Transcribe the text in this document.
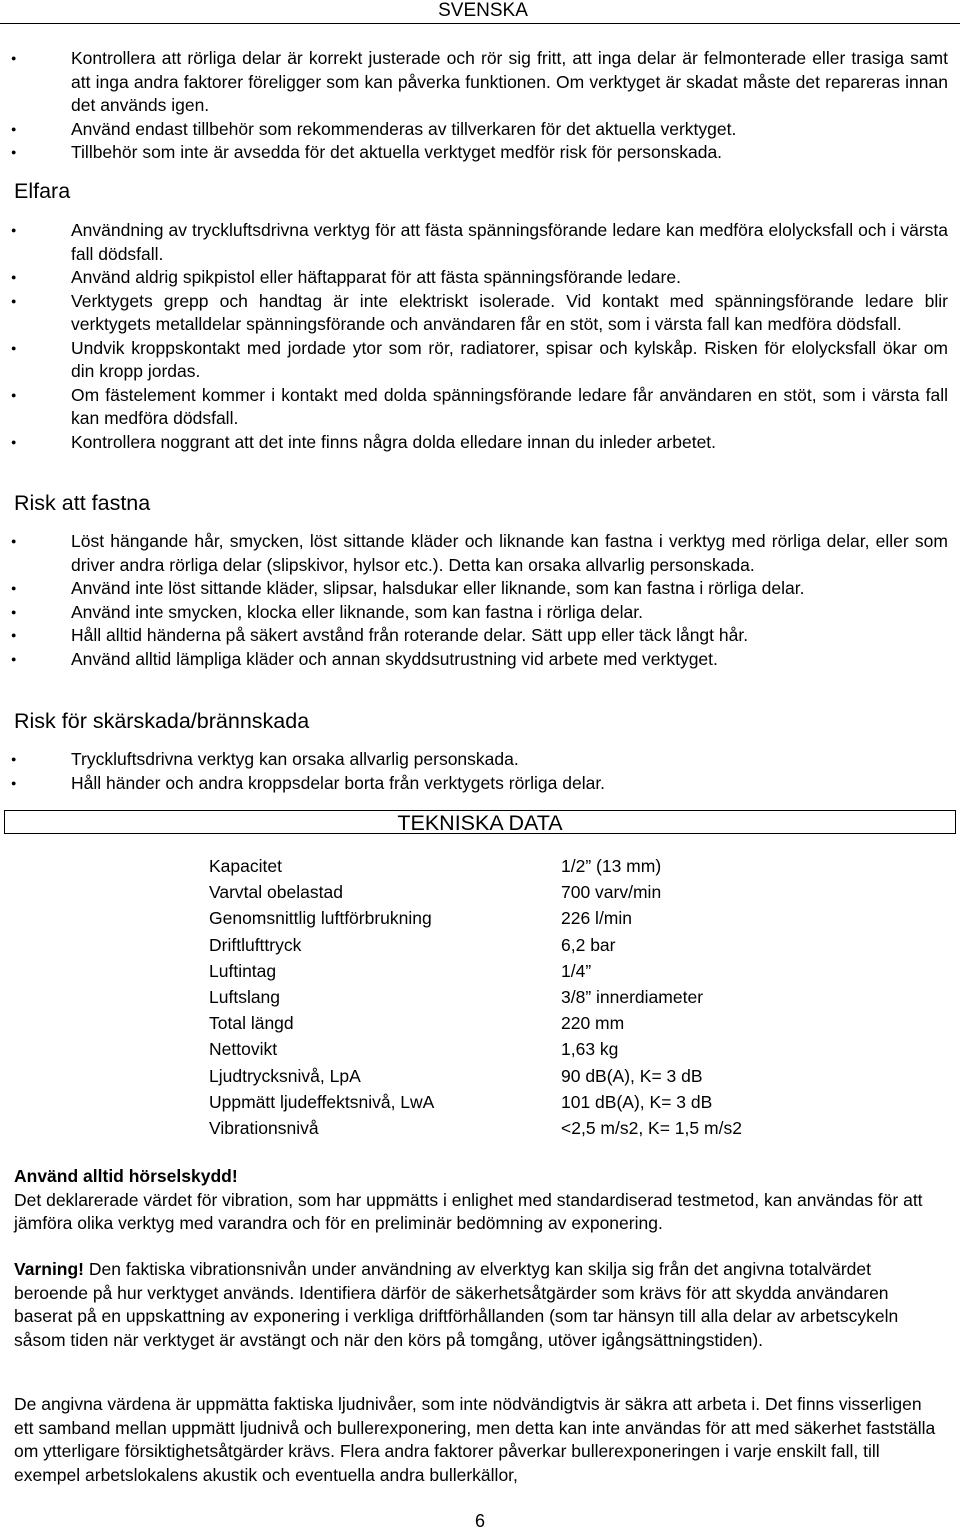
SVENSKA
● Kontrollera att rörliga delar är korrekt justerade och rör sig fritt, att inga delar är felmonterade eller trasiga samt att inga andra faktorer föreligger som kan påverka funktionen. Om verktyget är skadat måste det repareras innan det används igen.
● Använd endast tillbehör som rekommenderas av tillverkaren för det aktuella verktyget.
● Tillbehör som inte är avsedda för det aktuella verktyget medför risk för personskada.
Elfara
● Användning av tryckluftsdrivna verktyg för att fästa spänningsförande ledare kan medföra elolycksfall och i värsta fall dödsfall.
● Använd aldrig spikpistol eller häftapparat för att fästa spänningsförande ledare.
● Verktygets grepp och handtag är inte elektriskt isolerade. Vid kontakt med spänningsförande ledare blir verktygets metalldelar spänningsförande och användaren får en stöt, som i värsta fall kan medföra dödsfall.
● Undvik kroppskontakt med jordade ytor som rör, radiatorer, spisar och kylskåp. Risken för elolycksfall ökar om din kropp jordas.
● Om fästelement kommer i kontakt med dolda spänningsförande ledare får användaren en stöt, som i värsta fall kan medföra dödsfall.
● Kontrollera noggrant att det inte finns några dolda elledare innan du inleder arbetet.
Risk att fastna
● Löst hängande hår, smycken, löst sittande kläder och liknande kan fastna i verktyg med rörliga delar, eller som driver andra rörliga delar (slipskivor, hylsor etc.). Detta kan orsaka allvarlig personskada.
● Använd inte löst sittande kläder, slipsar, halsdukar eller liknande, som kan fastna i rörliga delar.
● Använd inte smycken, klocka eller liknande, som kan fastna i rörliga delar.
● Håll alltid händerna på säkert avstånd från roterande delar. Sätt upp eller täck långt hår.
● Använd alltid lämpliga kläder och annan skyddsutrustning vid arbete med verktyget.
Risk för skärskada/brännskada
● Tryckluftsdrivna verktyg kan orsaka allvarlig personskada.
● Håll händer och andra kroppsdelar borta från verktygets rörliga delar.
TEKNISKA DATA
Kapacitet	1/2” (13 mm)
Varvtal obelastad	700 varv/min
Genomsnittlig luftförbrukning	226 l/min
Driftlufttryck	6,2 bar
Luftintag	1/4”
Luftslang	3/8” innerdiameter
Total längd	220 mm
Nettovikt	1,63 kg
Ljudtrycksnivå, LpA	90 dB(A), K= 3 dB
Uppmätt ljudeffektsnivå, LwA	101 dB(A), K= 3 dB
Vibrationsnivå	<2,5 m/s2, K= 1,5 m/s2

Använd alltid hörselskydd!
Det deklarerade värdet för vibration, som har uppmätts i enlighet med standardiserad testmetod, kan användas för att jämföra olika verktyg med varandra och för en preliminär bedömning av exponering.

Varning! Den faktiska vibrationsnivån under användning av elverktyg kan skilja sig från det angivna totalvärdet beroende på hur verktyget används. Identifiera därför de säkerhetsåtgärder som krävs för att skydda användaren baserat på en uppskattning av exponering i verkliga driftförhållanden (som tar hänsyn till alla delar av arbetscykeln såsom tiden när verktyget är avstängt och när den körs på tomgång, utöver igångsättningstiden).

De angivna värdena är uppmätta faktiska ljudnivåer, som inte nödvändigtvis är säkra att arbeta i. Det finns visserligen ett samband mellan uppmätt ljudnivå och bullerexponering, men detta kan inte användas för att med säkerhet fastställa om ytterligare försiktighetsåtgärder krävs. Flera andra faktorer påverkar bullerexponeringen i varje enskilt fall, till exempel arbetslokalens akustik och eventuella andra bullerkällor,

6
